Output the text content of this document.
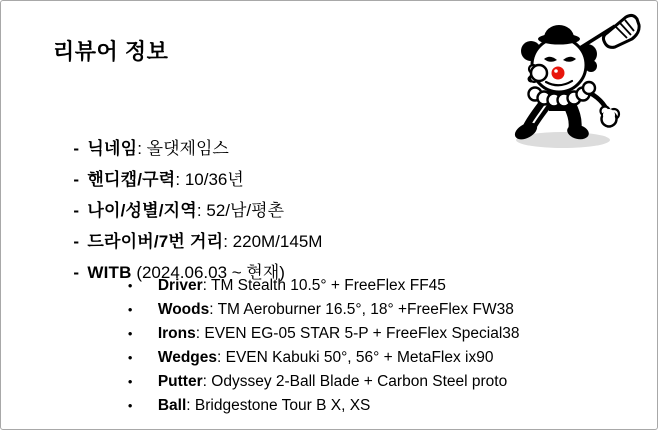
리뷰어 정보

- 닉네임: 올댓제임스

- 핸디캡/구력: 10/36년

- 나이/성별/지역: 52/남/평촌

- 드라이버/7번 거리: 220M/145M

- WITB (2024.06.03 ~ 현재)

• Driver: TM Stealth 10.5° + FreeFlex FF45

• Woods: TM Aeroburner 16.5°, 18° +FreeFlex FW38

• Irons: EVEN EG-05 STAR 5-P + FreeFlex Special38

• Wedges: EVEN Kabuki 50°, 56° + MetaFlex ix90

• Putter: Odyssey 2-Ball Blade + Carbon Steel proto

• Ball: Bridgestone Tour B X, XS
